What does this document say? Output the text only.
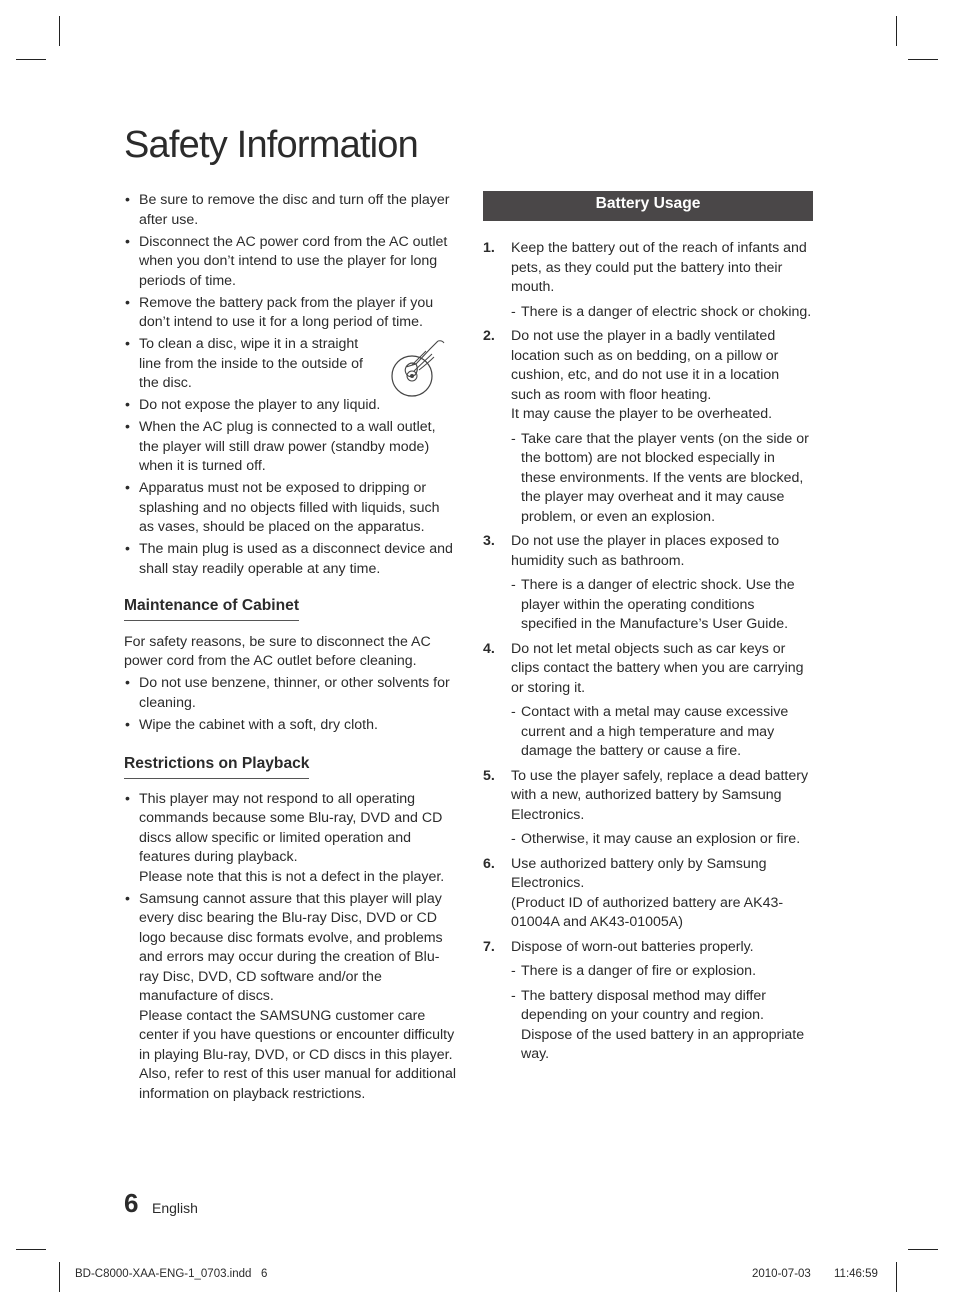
Safety Information
• Be sure to remove the disc and turn off the player after use.
• Disconnect the AC power cord from the AC outlet when you don’t intend to use the player for long periods of time.
• Remove the battery pack from the player if you don’t intend to use it for a long period of time.
• To clean a disc, wipe it in a straight line from the inside to the outside of the disc.
• Do not expose the player to any liquid.
• When the AC plug is connected to a wall outlet, the player will still draw power (standby mode) when it is turned off.
• Apparatus must not be exposed to dripping or splashing and no objects filled with liquids, such as vases, should be placed on the apparatus.
• The main plug is used as a disconnect device and shall stay readily operable at any time.
Maintenance of Cabinet

For safety reasons, be sure to disconnect the AC power cord from the AC outlet before cleaning.

• Do not use benzene, thinner, or other solvents for cleaning.
• Wipe the cabinet with a soft, dry cloth.
Restrictions on Playback
• This player may not respond to all operating commands because some Blu-ray, DVD and CD discs allow specific or limited operation and features during playback.
Please note that this is not a defect in the player.
• Samsung cannot assure that this player will play every disc bearing the Blu-ray Disc, DVD or CD logo because disc formats evolve, and problems and errors may occur during the creation of Blu-ray Disc, DVD, CD software and/or the manufacture of discs.
Please contact the SAMSUNG customer care center if you have questions or encounter difficulty in playing Blu-ray, DVD, or CD discs in this player. Also, refer to rest of this user manual for additional information on playback restrictions.
Battery Usage
1. Keep the battery out of the reach of infants and pets, as they could put the battery into their mouth.
- There is a danger of electric shock or choking.
2. Do not use the player in a badly ventilated location such as on bedding, on a pillow or cushion, etc, and do not use it in a location such as room with floor heating.
It may cause the player to be overheated.
- Take care that the player vents (on the side or the bottom) are not blocked especially in these environments. If the vents are blocked, the player may overheat and it may cause problem, or even an explosion.
3. Do not use the player in places exposed to humidity such as bathroom.
- There is a danger of electric shock. Use the player within the operating conditions specified in the Manufacture’s User Guide.
4. Do not let metal objects such as car keys or clips contact the battery when you are carrying or storing it.
- Contact with a metal may cause excessive current and a high temperature and may damage the battery or cause a fire.
5. To use the player safely, replace a dead battery with a new, authorized battery by Samsung Electronics.
- Otherwise, it may cause an explosion or fire.
6. Use authorized battery only by Samsung Electronics.
(Product ID of authorized battery are AK43-01004A and AK43-01005A)
7. Dispose of worn-out batteries properly.
- There is a danger of fire or explosion.
- The battery disposal method may differ depending on your country and region. Dispose of the used battery in an appropriate way.
6 English
BD-C8000-XAA-ENG-1_0703.indd   6	2010-07-03 11:46:59
